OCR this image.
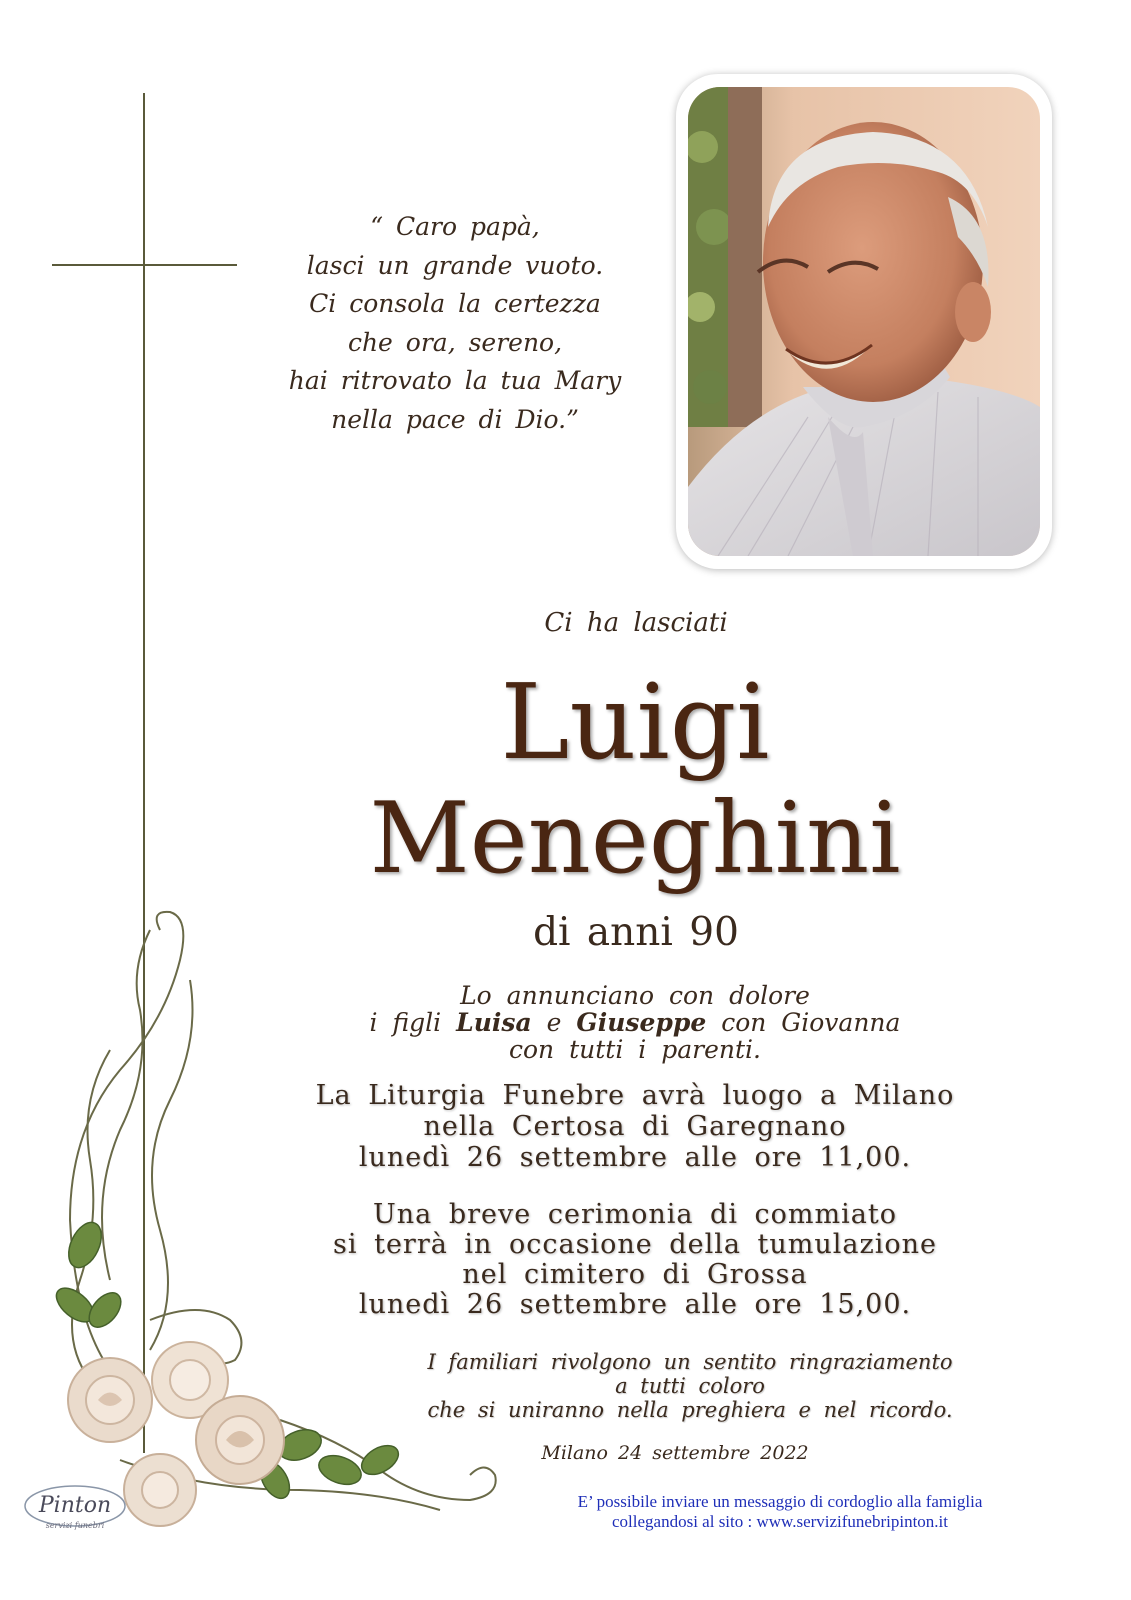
“ Caro papà,
lasci un grande vuoto.
Ci consola la certezza
che ora, sereno,
hai ritrovato la tua Mary
nella pace di Dio.”
Ci ha lasciati
Luigi
Meneghini
di anni 90
Lo annunciano con dolore
i figli Luisa e Giuseppe con Giovanna
con tutti i parenti.
La Liturgia Funebre avrà luogo a Milano
nella Certosa di Garegnano
lunedì 26 settembre alle ore 11,00.
Una breve cerimonia di commiato
si terrà in occasione della tumulazione
nel cimitero di Grossa
lunedì 26 settembre alle ore 15,00.
I familiari rivolgono un sentito ringraziamento
a tutti coloro
che si uniranno nella preghiera e nel ricordo.
Milano 24 settembre 2022
E’ possibile inviare un messaggio di cordoglio alla famiglia
collegandosi al sito : www.servizifunebripinton.it
Pinton
servizi funebri
